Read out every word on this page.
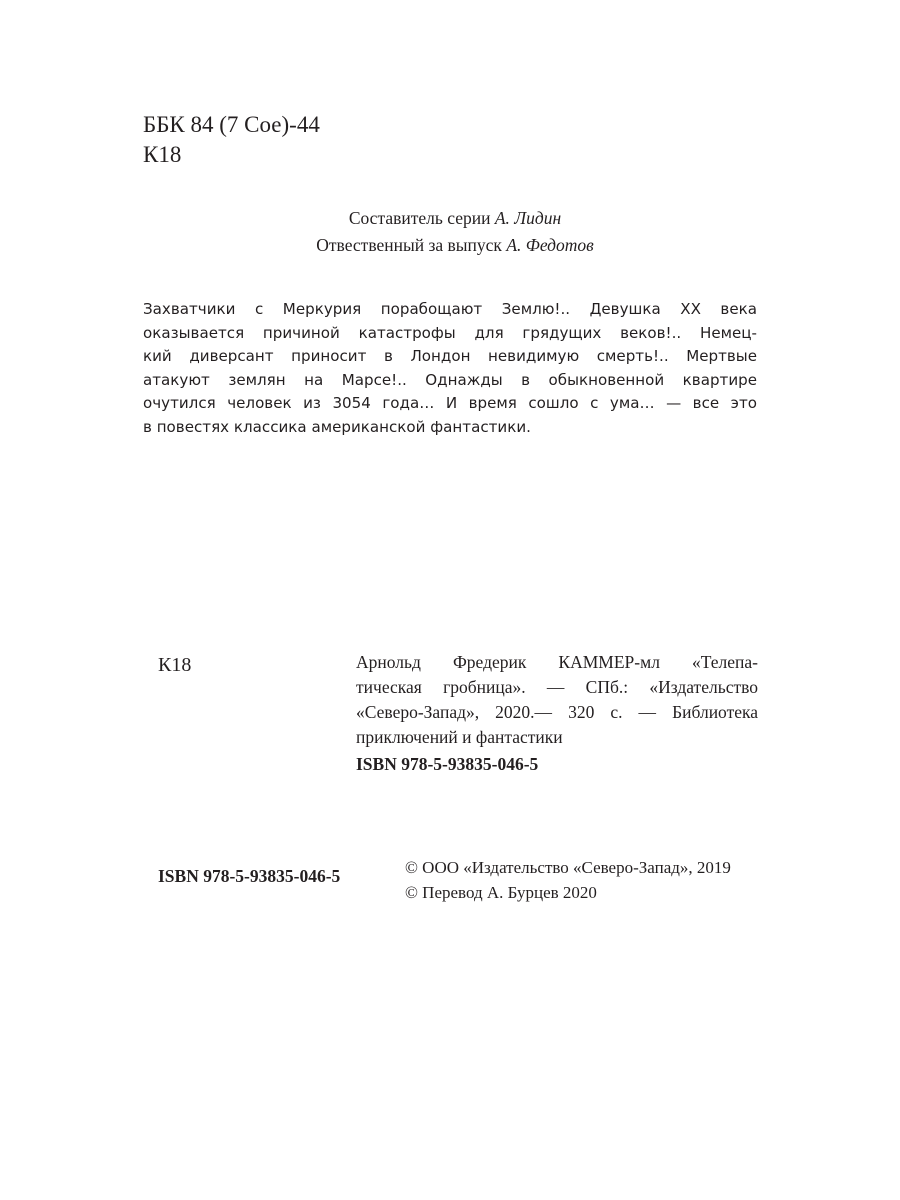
ББК 84 (7 Сое)-44
К18
Составитель серии А. Лидин
Отвественный за выпуск А. Федотов
Захватчики с Меркурия порабощают Землю!.. Девушка XX века
оказывается причиной катастрофы для грядущих веков!.. Немец-
кий диверсант приносит в Лондон невидимую смерть!.. Мертвые
атакуют землян на Марсе!.. Однажды в обыкновенной квартире
очутился человек из 3054 года… И время сошло с ума… — все это
в повестях классика американской фантастики.
К18	Арнольд Фредерик КАММЕР-мл «Телепа-
тическая гробница». — СПб.: «Издательство
«Северо-Запад», 2020.— 320 с. — Библиотека
приключений и фантастики
ISBN 978-5-93835-046-5
ISBN 978-5-93835-046-5	© ООО «Издательство «Северо-Запад», 2019
© Перевод А. Бурцев 2020
